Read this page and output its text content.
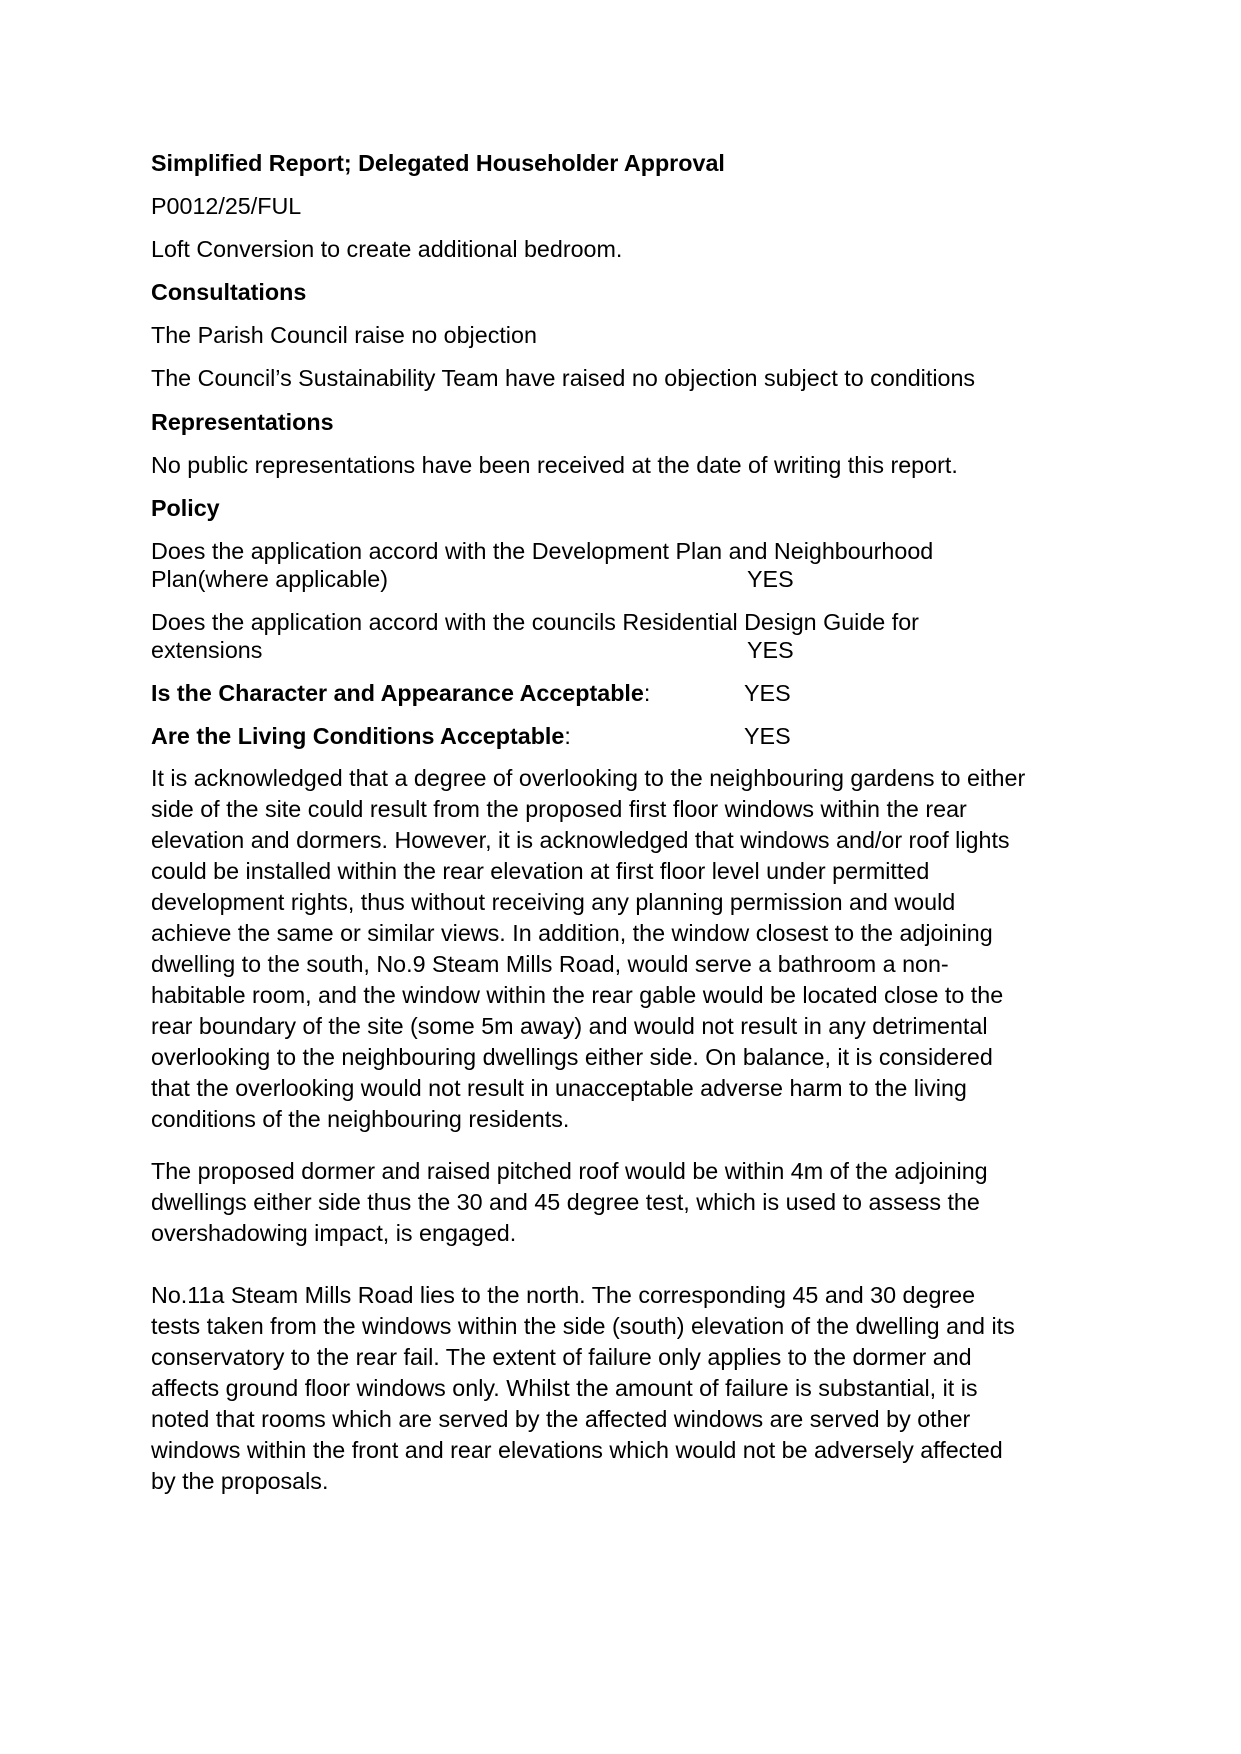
Simplified Report; Delegated Householder Approval
P0012/25/FUL
Loft Conversion to create additional bedroom.
Consultations
The Parish Council raise no objection
The Council’s Sustainability Team have raised no objection subject to conditions
Representations
No public representations have been received at the date of writing this report.
Policy
Does the application accord with the Development Plan and Neighbourhood
Plan(where applicable)	YES
Does the application accord with the councils Residential Design Guide for
extensions	YES
Is the Character and Appearance Acceptable:	YES
Are the Living Conditions Acceptable:	YES
It is acknowledged that a degree of overlooking to the neighbouring gardens to either
side of the site could result from the proposed first floor windows within the rear
elevation and dormers. However, it is acknowledged that windows and/or roof lights
could be installed within the rear elevation at first floor level under permitted
development rights, thus without receiving any planning permission and would
achieve the same or similar views. In addition, the window closest to the adjoining
dwelling to the south, No.9 Steam Mills Road, would serve a bathroom a non-
habitable room, and the window within the rear gable would be located close to the
rear boundary of the site (some 5m away) and would not result in any detrimental
overlooking to the neighbouring dwellings either side. On balance, it is considered
that the overlooking would not result in unacceptable adverse harm to the living
conditions of the neighbouring residents.
The proposed dormer and raised pitched roof would be within 4m of the adjoining
dwellings either side thus the 30 and 45 degree test, which is used to assess the
overshadowing impact, is engaged.
No.11a Steam Mills Road lies to the north. The corresponding 45 and 30 degree
tests taken from the windows within the side (south) elevation of the dwelling and its
conservatory to the rear fail. The extent of failure only applies to the dormer and
affects ground floor windows only. Whilst the amount of failure is substantial, it is
noted that rooms which are served by the affected windows are served by other
windows within the front and rear elevations which would not be adversely affected
by the proposals.
